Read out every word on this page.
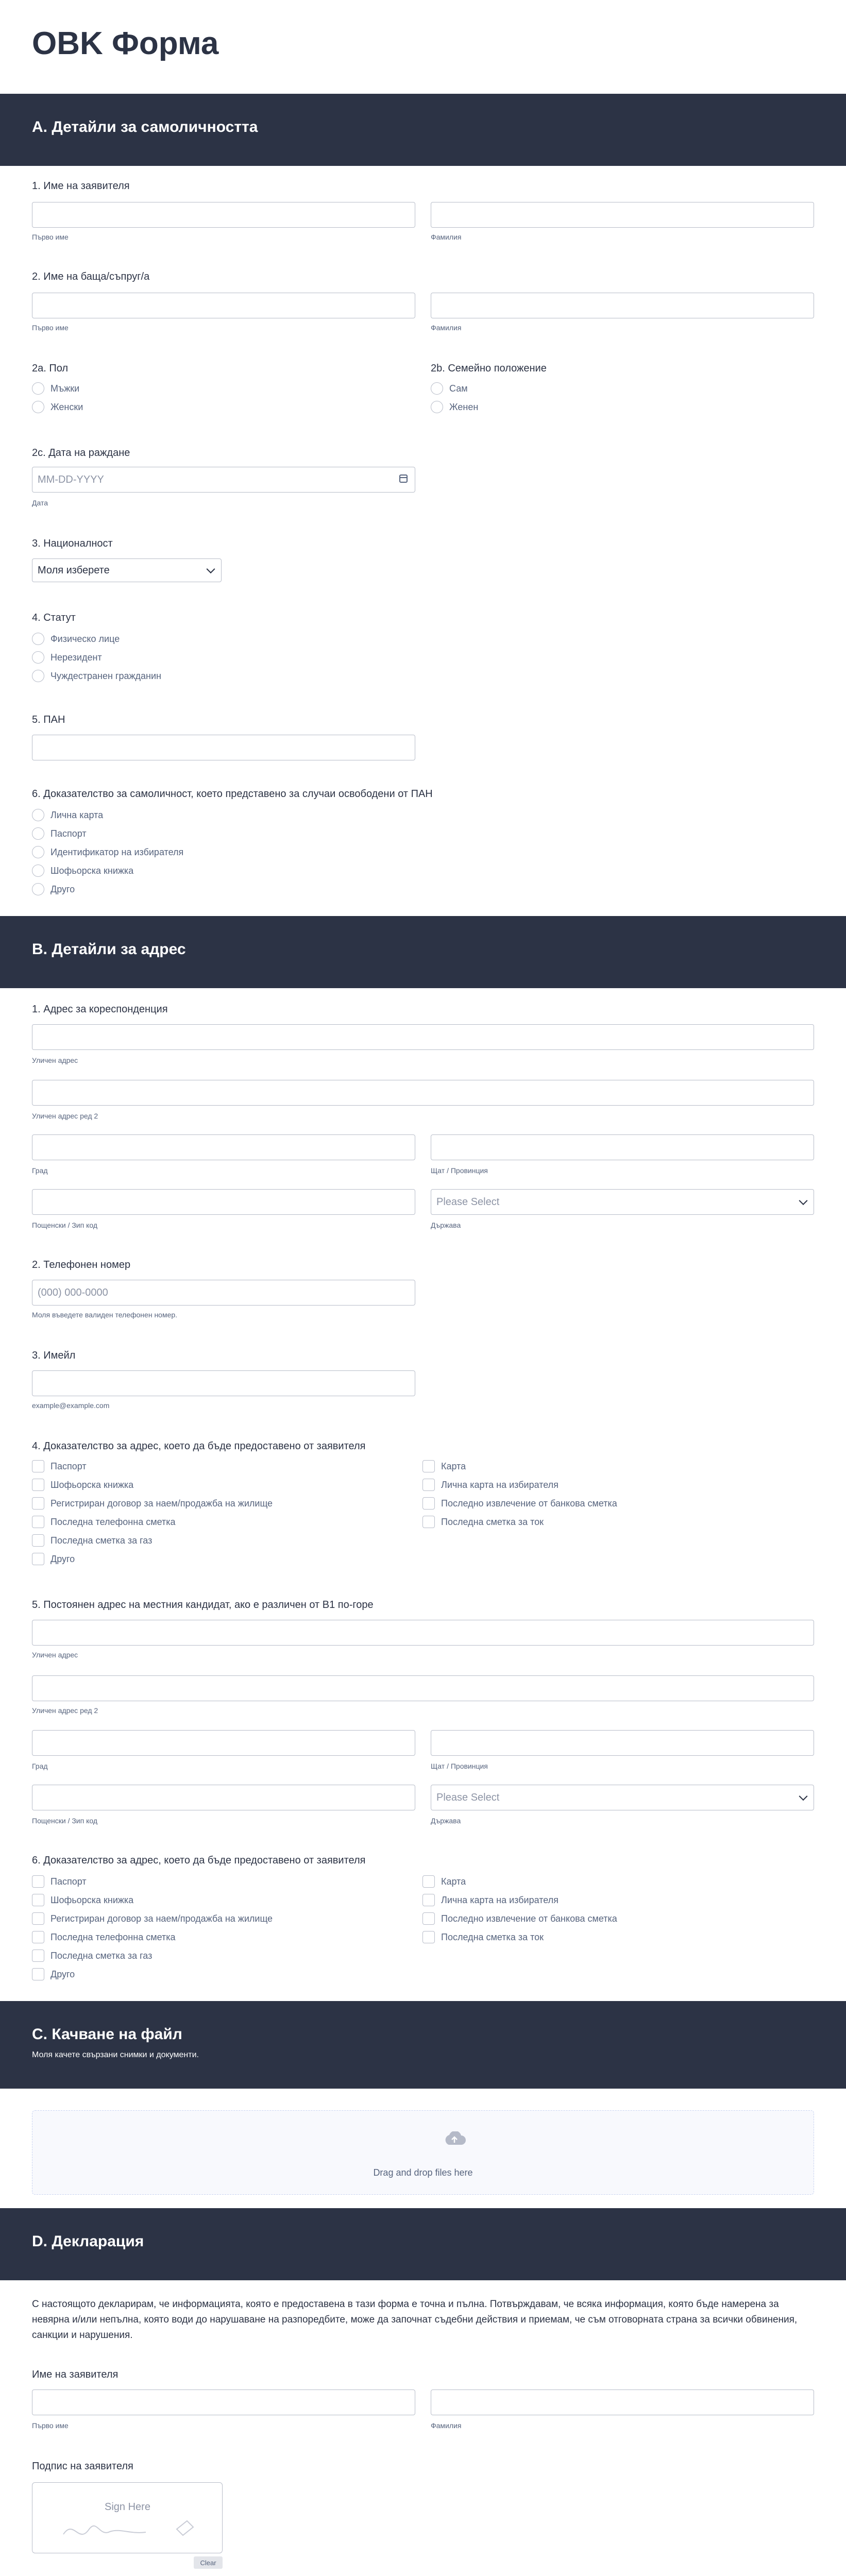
OBK Форма
А. Детайли за самоличността
1. Име на заявителя
Първо име	Фамилия
2. Име на баща/съпруг/а
Първо име	Фамилия
2а. Пол
Мъжки
Женски
2b. Семейно положение
Сам
Женен
2c. Дата на раждане
MM-DD-YYYY
Дата
3. Националност
Моля изберете
4. Статут
Физическо лице
Нерезидент
Чуждестранен гражданин
5. ПАН
6. Доказателство за самоличност, което представено за случаи освободени от ПАН
Лична карта
Паспорт
Идентификатор на избирателя
Шофьорска книжка
Друго
B. Детайли за адрес
1. Адрес за кореспонденция
Уличен адрес
Уличен адрес ред 2
Град	Щат / Провинция
Please Select
Пощенски / Зип код	Държава
2. Телефонен номер
(000) 000-0000
Моля въведете валиден телефонен номер.
3. Имейл
example@example.com
4. Доказателство за адрес, което да бъде предоставено от заявителя
Паспорт
Шофьорска книжка
Регистриран договор за наем/продажба на жилище
Последна телефонна сметка
Последна сметка за газ
Друго
Карта
Лична карта на избирателя
Последно извлечение от банкова сметка
Последна сметка за ток
5. Постоянен адрес на местния кандидат, ако е различен от B1 по-горе
Уличен адрес
Уличен адрес ред 2
Град	Щат / Провинция
Please Select
Пощенски / Зип код	Държава
6. Доказателство за адрес, което да бъде предоставено от заявителя
Паспорт
Шофьорска книжка
Регистриран договор за наем/продажба на жилище
Последна телефонна сметка
Последна сметка за газ
Друго
Карта
Лична карта на избирателя
Последно извлечение от банкова сметка
Последна сметка за ток
C. Качване на файл
Моля качете свързани снимки и документи.
Drag and drop files here
D. Декларация
С настоящото декларирам, че информацията, която е предоставена в тази форма е точна и пълна. Потвърждавам, че всяка информация, която бъде намерена за невярна и/или непълна, която води до нарушаване на разпоредбите, може да започнат съдебни действия и приемам, че съм отговорната страна за всички обвинения, санкции и нарушения.
Име на заявителя
Първо име	Фамилия
Подпис на заявителя
Sign Here
Clear
